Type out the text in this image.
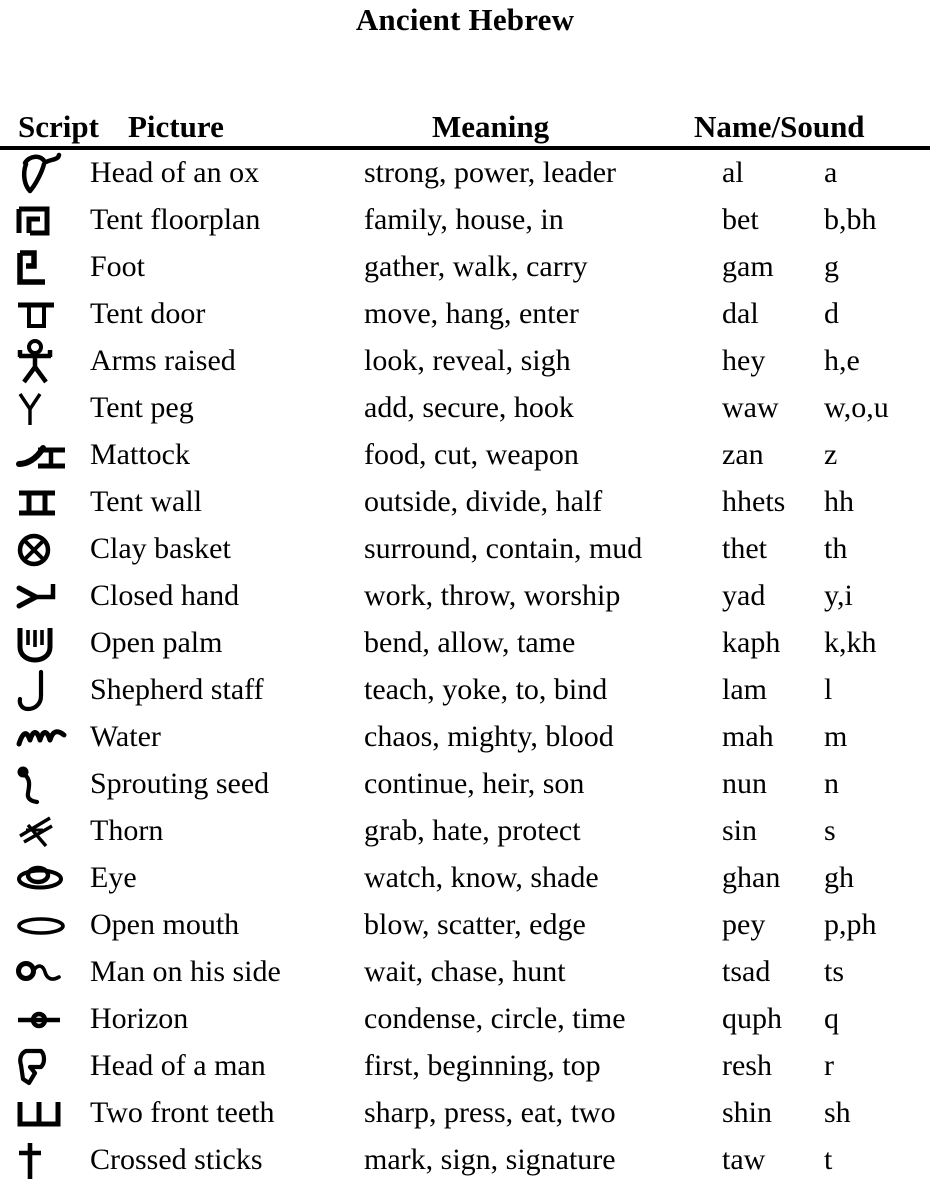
Ancient Hebrew
Script Picture	Meaning	Name/Sound
Head of an ox	strong, power, leader	al	a
Tent floorplan	family, house, in	bet b,bh
Foot	gather, walk, carry	gam g
Tent door	move, hang, enter	dal d
Arms raised	look, reveal, sigh	hey h,e
Tent peg	add, secure, hook	waw w,o,u
Mattock	food, cut, weapon	zan z
Tent wall	outside, divide, half	hhets hh
Clay basket	surround, contain, mud	thet th
Closed hand	work, throw, worship	yad y,i
Open palm	bend, allow, tame	kaph k,kh
Shepherd staff	teach, yoke, to, bind	lam l
Water	chaos, mighty, blood	mah m
Sprouting seed	continue, heir, son	nun n
Thorn	grab, hate, protect	sin s
Eye	watch, know, shade	ghan gh
Open mouth	blow, scatter, edge	pey p,ph
Man on his side	wait, chase, hunt	tsad ts
Horizon	condense, circle, time	quph q
Head of a man	first, beginning, top	resh r
Two front teeth	sharp, press, eat, two	shin sh
Crossed sticks	mark, sign, signature	taw t
